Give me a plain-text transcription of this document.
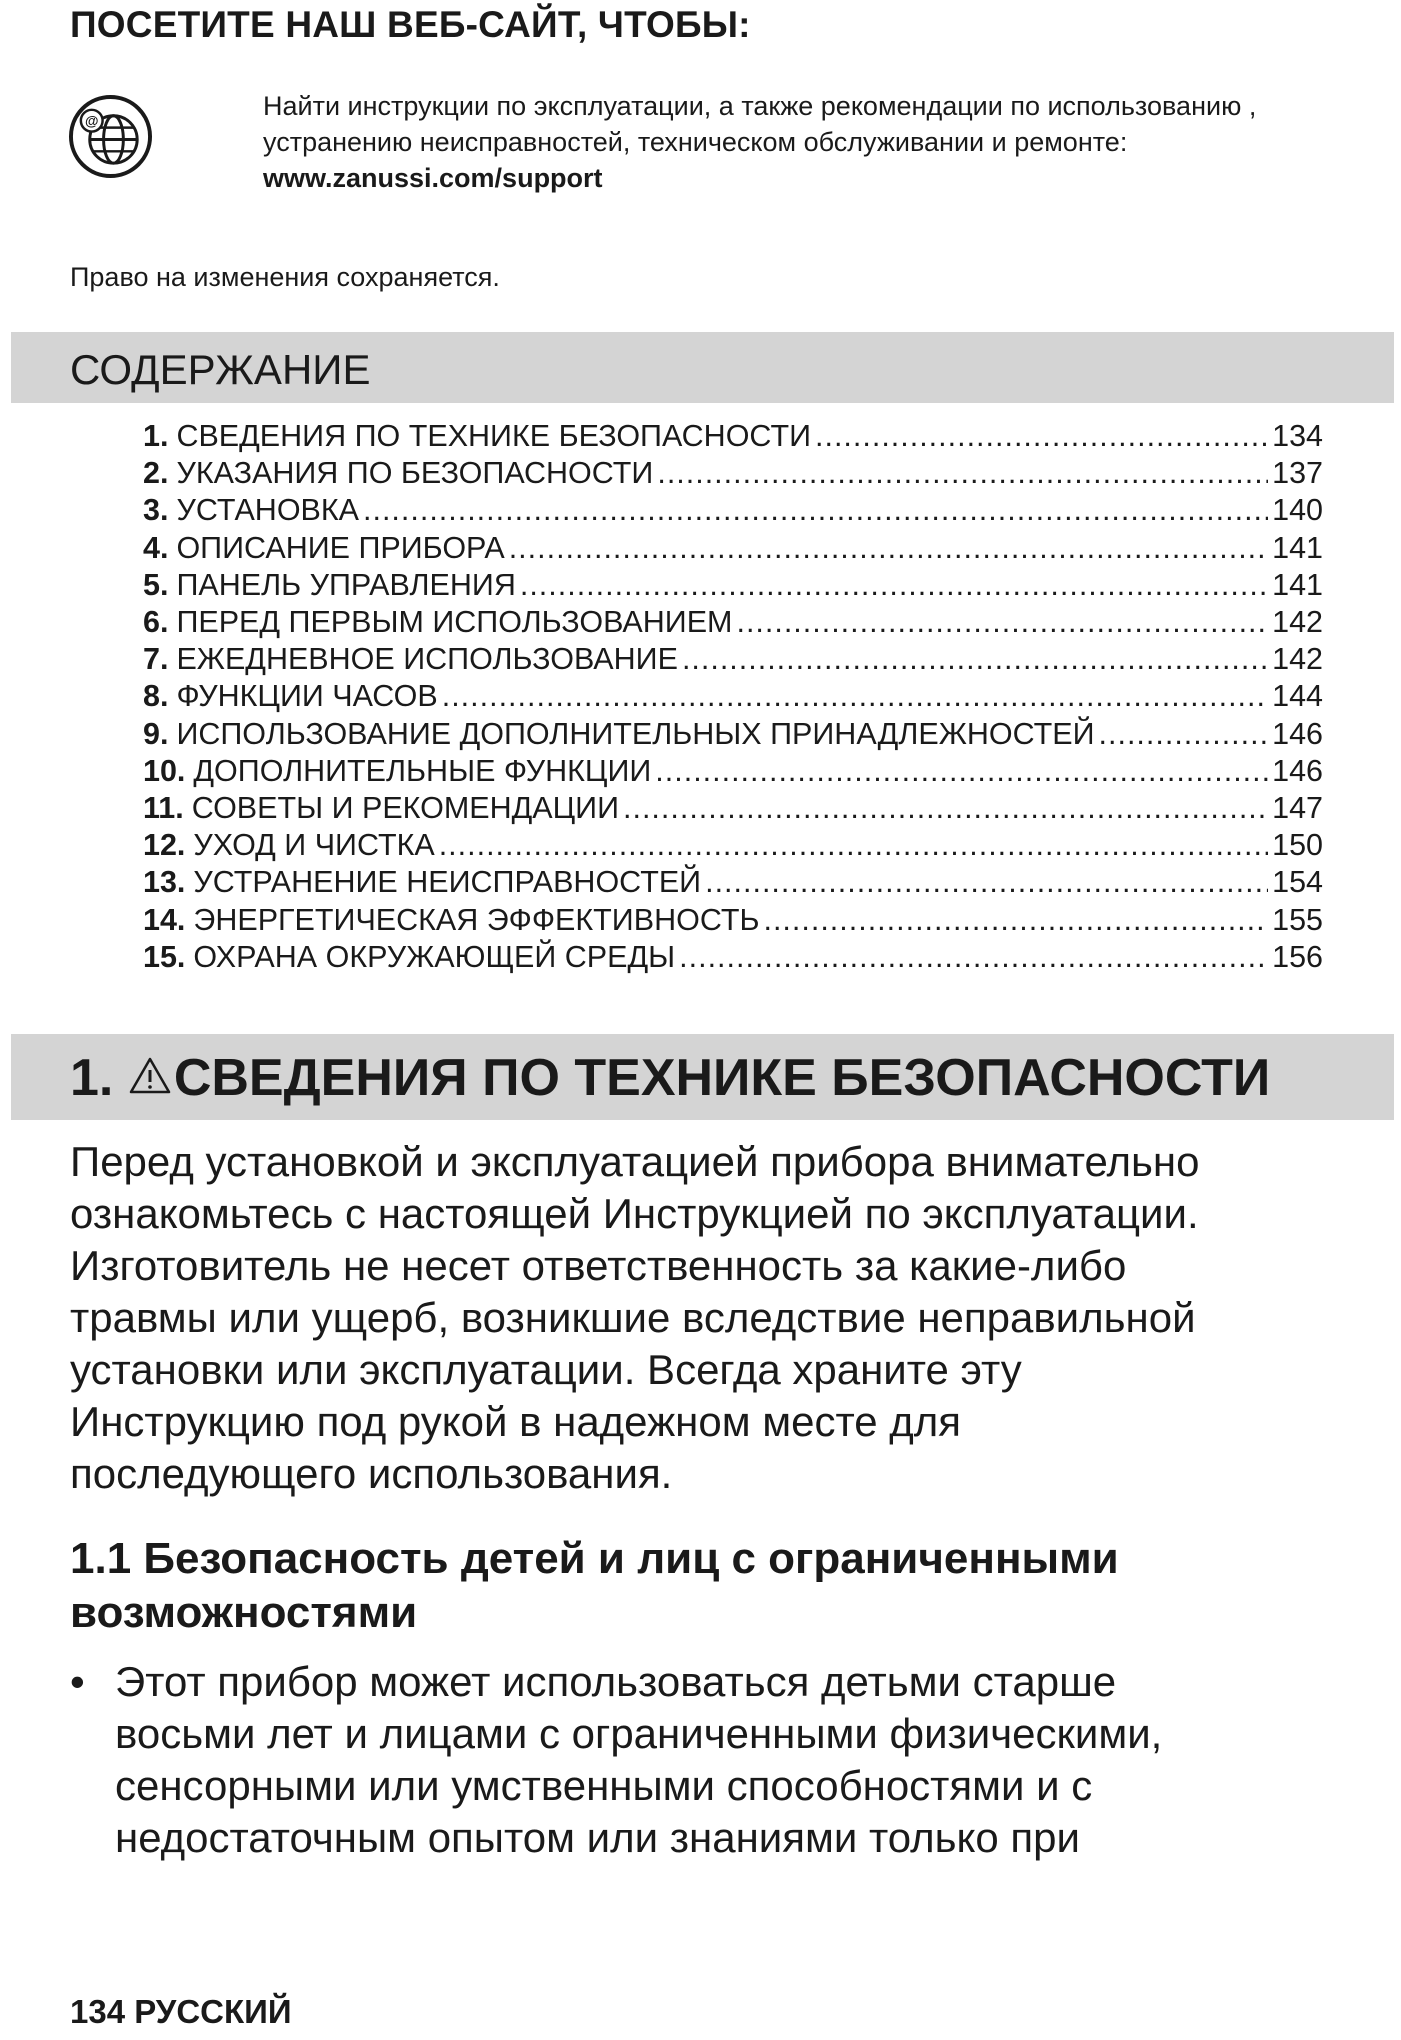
ПОСЕТИТЕ НАШ ВЕБ-САЙТ, ЧТОБЫ:
@	Найти инструкции по эксплуатации, а также рекомендации по использованию ,
устранению неисправностей, техническом обслуживании и ремонте:
www.zanussi.com/support
Право на изменения сохраняется.
СОДЕРЖАНИЕ
1. СВЕДЕНИЯ ПО ТЕХНИКЕ БЕЗОПАСНОСТИ .....	134
2. УКАЗАНИЯ ПО БЕЗОПАСНОСТИ .....	137
3. УСТАНОВКА .....	140
4. ОПИСАНИЕ ПРИБОРА .....	141
5. ПАНЕЛЬ УПРАВЛЕНИЯ .....	141
6. ПЕРЕД ПЕРВЫМ ИСПОЛЬЗОВАНИЕМ .....	142
7. ЕЖЕДНЕВНОЕ ИСПОЛЬЗОВАНИЕ .....	142
8. ФУНКЦИИ ЧАСОВ .....	144
9. ИСПОЛЬЗОВАНИЕ ДОПОЛНИТЕЛЬНЫХ ПРИНАДЛЕЖНОСТЕЙ .....	146
10. ДОПОЛНИТЕЛЬНЫЕ ФУНКЦИИ .....	146
11. СОВЕТЫ И РЕКОМЕНДАЦИИ .....	147
12. УХОД И ЧИСТКА .....	150
13. УСТРАНЕНИЕ НЕИСПРАВНОСТЕЙ .....	154
14. ЭНЕРГЕТИЧЕСКАЯ ЭФФЕКТИВНОСТЬ .....	155
15. ОХРАНА ОКРУЖАЮЩЕЙ СРЕДЫ .....	156
1. СВЕДЕНИЯ ПО ТЕХНИКЕ БЕЗОПАСНОСТИ
Перед установкой и эксплуатацией прибора внимательно
ознакомьтесь с настоящей Инструкцией по эксплуатации.
Изготовитель не несет ответственность за какие-либо
травмы или ущерб, возникшие вследствие неправильной
установки или эксплуатации. Всегда храните эту
Инструкцию под рукой в надежном месте для
последующего использования.
1.1 Безопасность детей и лиц с ограниченными
возможностями
• Этот прибор может использоваться детьми старше
восьми лет и лицами с ограниченными физическими,
сенсорными или умственными способностями и с
недостаточным опытом или знаниями только при
134 РУССКИЙ
